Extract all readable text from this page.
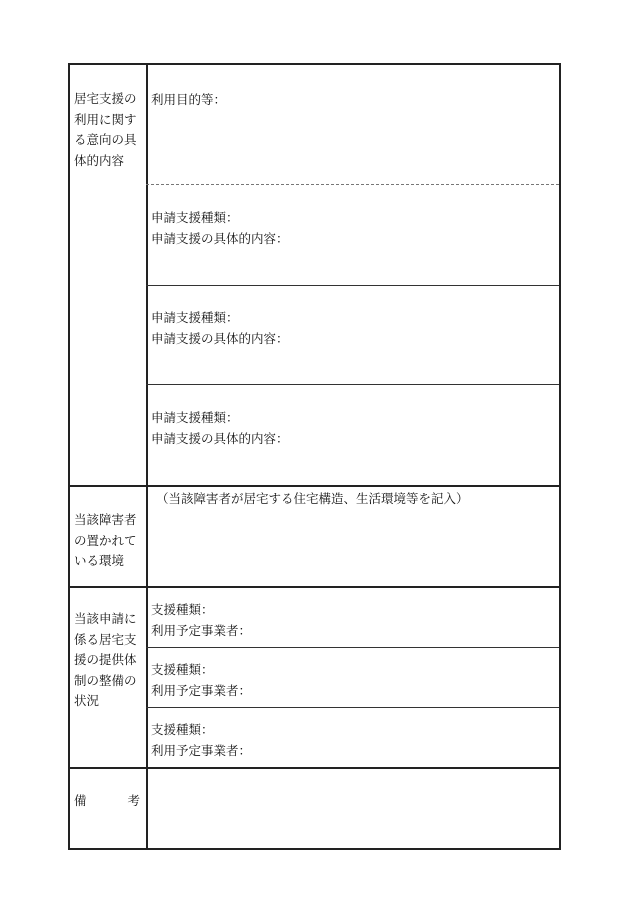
居宅支援の
利用に関す
る意向の具
体的内容
利用目的等：
申請支援種類：
申請支援の具体的内容：
申請支援種類：
申請支援の具体的内容：
申請支援種類：
申請支援の具体的内容：
当該障害者
の置かれて
いる環境
（当該障害者が居宅する住宅構造、生活環境等を記入）
当該申請に
係る居宅支
援の提供体
制の整備の
状況
支援種類：
利用予定事業者：
支援種類：
利用予定事業者：
支援種類：
利用予定事業者：
備	考
